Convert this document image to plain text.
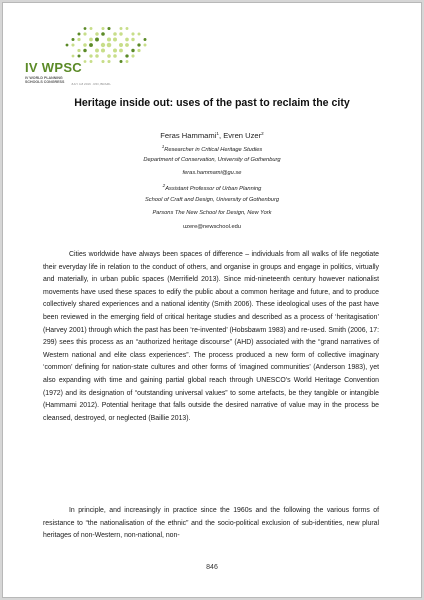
IV WPSC
IV WORLD PLANNING
SCHOOLS CONGRESS JULY 4-8 2016 · RIO, BRAZIL
Heritage inside out: uses of the past to reclaim the city
Feras Hammami$^1$, Evren Uzer$^2$
$^1$Researcher in Critical Heritage Studies
Department of Conservation, University of Gothenburg
feras.hammami@gu.se
$^2$Assistant Professor of Urban Planning
School of Craft and Design, University of Gothenburg
Parsons The New School for Design, New York
uzere@newschool.edu

Cities worldwide have always been spaces of difference – individuals from all walks of life negotiate their everyday life in relation to the conduct of others, and organise in groups and engage in politics, virtually and materially, in urban public spaces (Merrifield 2013). Since mid-nineteenth century however nationalist movements have used these spaces to edify the public about a common heritage and future, and to produce collectively shared experiences and a national identity (Smith 2006). These ideological uses of the past have been reviewed in the emerging field of critical heritage studies and described as a process of ‘heritagisation’ (Harvey 2001) through which the past has been ‘re-invented’ (Hobsbawm 1983) and re-used. Smith (2006, 17: 299) sees this process as an “authorized heritage discourse” (AHD) associated with the “grand narratives of Western national and elite class experiences”. The process produced a new form of collective imaginary ‘common’ defining for nation-state cultures and other forms of ‘imagined communities’ (Anderson 1983), yet also expanding with time and gaining partial global reach through UNESCO’s World Heritage Convention (1972) and its designation of “outstanding universal values” to some artefacts, be they tangible or intangible (Hammami 2012). Potential heritage that falls outside the desired narrative of value may in the process be cleansed, destroyed, or neglected (Baillie 2013).

In principle, and increasingly in practice since the 1960s and the following the various forms of resistance to “the nationalisation of the ethnic” and the socio-political exclusion of sub-identities, new plural heritages of non-Western, non-national, non-

846
